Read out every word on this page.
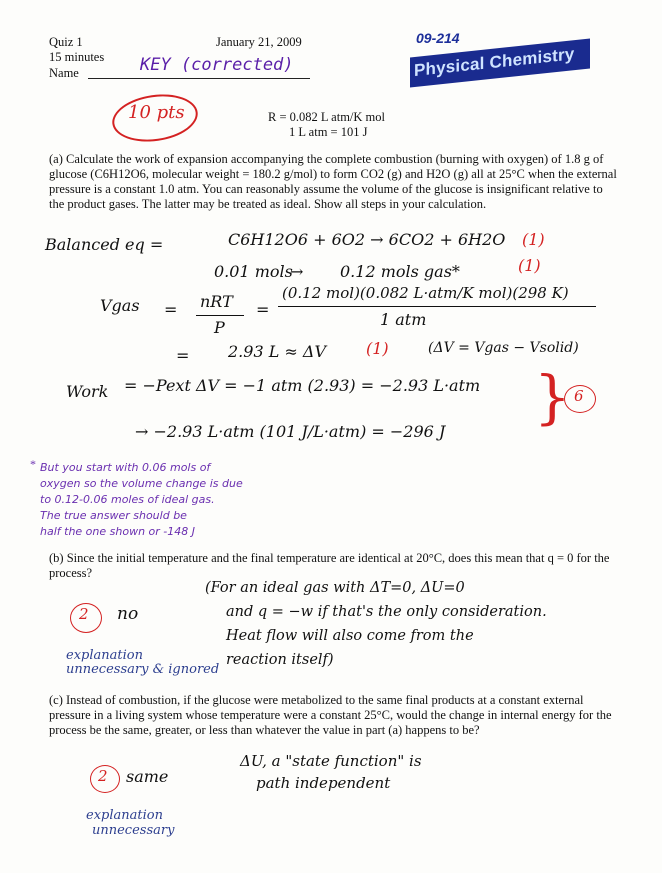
Quiz 1
15 minutes
Name
January 21, 2009
KEY (corrected)
09-214
Physical Chemistry
10 pts	R = 0.082 L atm/K mol
1 L atm = 101 J
(a) Calculate the work of expansion accompanying the complete combustion (burning with oxygen) of 1.8 g of glucose (C6H12O6, molecular weight = 180.2 g/mol) to form CO2 (g) and H2O (g) all at 25°C when the external pressure is a constant 1.0 atm. You can reasonably assume the volume of the glucose is insignificant relative to the product gases. The latter may be treated as ideal. Show all steps in your calculation.
Balanced eq =	C6H12O6 + 6O2 → 6CO2 + 6H2O (1)
0.01 mols
→ 0.12 mols gas*	(1)
Vgas = nRT
P
=
(0.12 mol)(0.082 L·atm/K mol)(298 K)
1 atm
= 2.93 L ≈ ΔV (1)	(ΔV = Vgas − Vsolid)
Work = −Pext ΔV = −1 atm (2.93) = −2.93 L·atm
→ −2.93 L·atm (101 J/L·atm) = −296 J
} 6
* But you start with 0.06 mols of
oxygen so the volume change is due
to 0.12-0.06 moles of ideal gas.
The true answer should be
half the one shown or -148 J
(b) Since the initial temperature and the final temperature are identical at 20°C, does this mean that q = 0 for the process?
2 no
explanation
unnecessary & ignored
(For an ideal gas with ΔT=0, ΔU=0
and q = −w if that's the only consideration.
Heat flow will also come from the
reaction itself)
(c) Instead of combustion, if the glucose were metabolized to the same final products at a constant external pressure in a living system whose temperature were a constant 25°C, would the change in internal energy for the process be the same, greater, or less than whatever the value in part (a) happens to be?
ΔU, a "state function" is
path independent
2 same
explanation
unnecessary
